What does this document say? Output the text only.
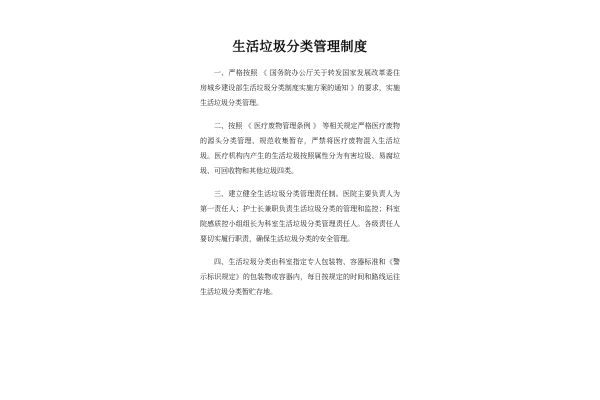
生活垃圾分类管理制度

一、严格按照 《 国务院办公厅关于转发国家发展改革委住房城乡建设部生活垃圾分类制度实施方案的通知 》的要求，实施生活垃圾分类管理。

二、按照 《 医疗废物管理条例 》 等相关规定严格医疗废物的源头分类管理、规范收集暂存，严禁将医疗废物混入生活垃圾。医疗机构内产生的生活垃圾按照属性分为有害垃圾、易腐垃圾、可回收物和其他垃圾四类。

三、建立健全生活垃圾分类管理责任制。医院主要负责人为第一责任人；护士长兼职负责生活垃圾分类的管理和监控；科室院感质控小组组长为科室生活垃圾分类管理责任人。各级责任人要切实履行职责，确保生活垃圾分类的安全管理。

四、生活垃圾分类由科室指定专人包装物、容器标准和《警示标识规定》的包装物或容器内，每日按规定的时间和路线运往生活垃圾分类暂贮存地。
